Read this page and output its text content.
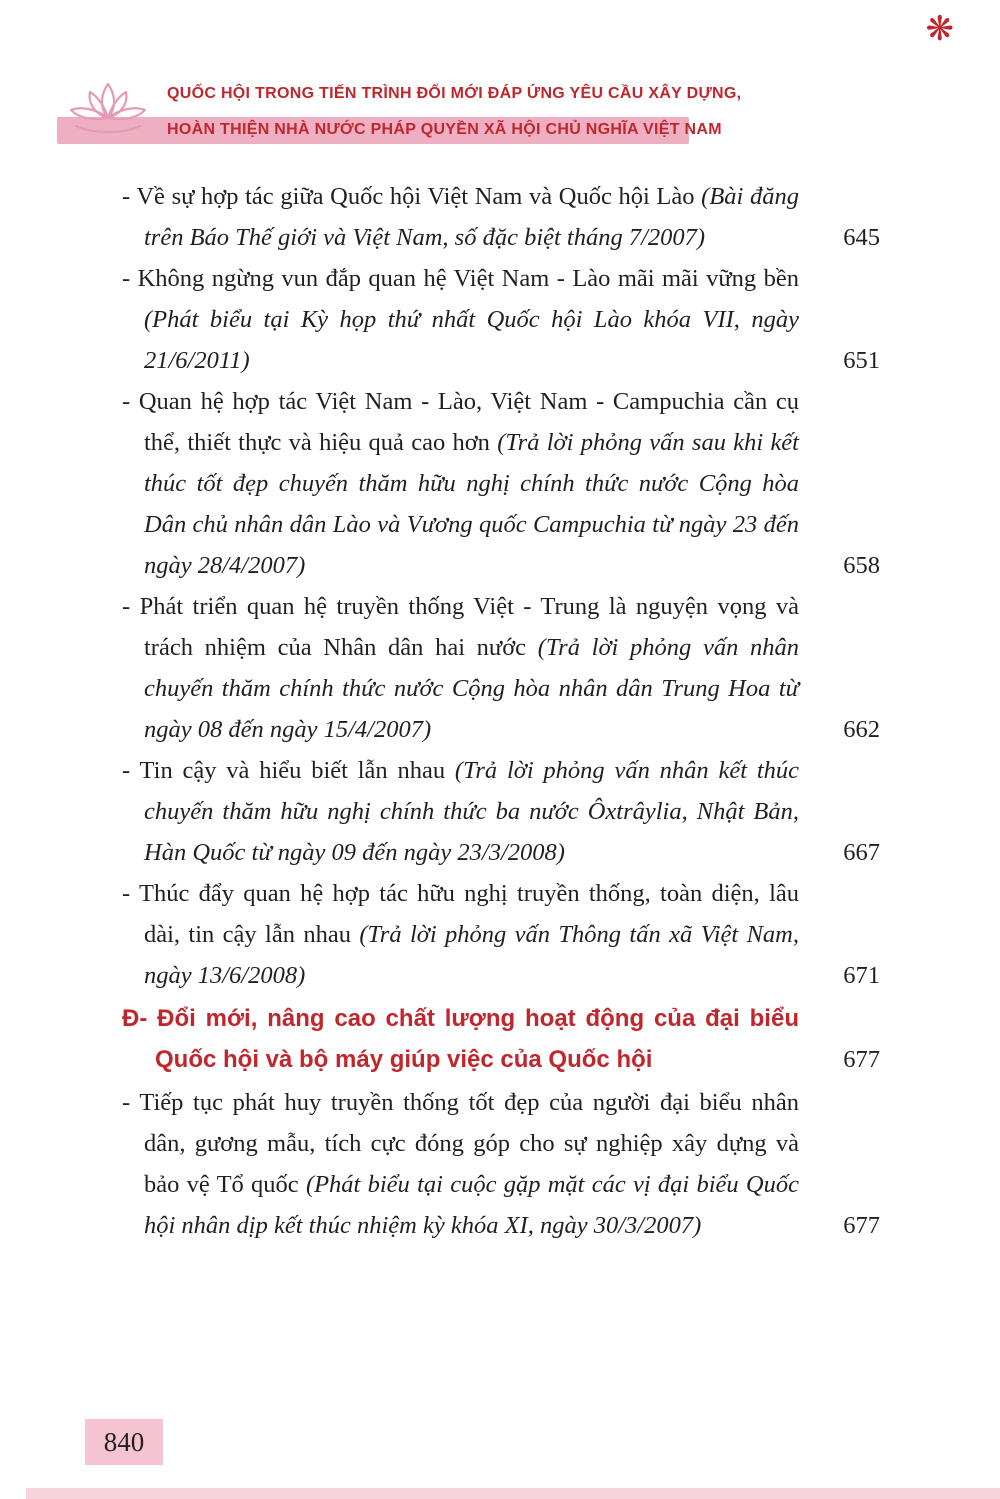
❋
QUỐC HỘI TRONG TIẾN TRÌNH ĐỔI MỚI ĐÁP ỨNG YÊU CẦU XÂY DỰNG,
HOÀN THIỆN NHÀ NƯỚC PHÁP QUYỀN XÃ HỘI CHỦ NGHĨA VIỆT NAM
- Về sự hợp tác giữa Quốc hội Việt Nam và Quốc hội Lào (Bài đăng trên Báo Thế giới và Việt Nam, số đặc biệt tháng 7/2007)	645
- Không ngừng vun đắp quan hệ Việt Nam - Lào mãi mãi vững bền (Phát biểu tại Kỳ họp thứ nhất Quốc hội Lào khóa VII, ngày 21/6/2011)	651
- Quan hệ hợp tác Việt Nam - Lào, Việt Nam - Campuchia cần cụ thể, thiết thực và hiệu quả cao hơn (Trả lời phỏng vấn sau khi kết thúc tốt đẹp chuyến thăm hữu nghị chính thức nước Cộng hòa Dân chủ nhân dân Lào và Vương quốc Campuchia từ ngày 23 đến ngày 28/4/2007)	658
- Phát triển quan hệ truyền thống Việt - Trung là nguyện vọng và trách nhiệm của Nhân dân hai nước (Trả lời phỏng vấn nhân chuyến thăm chính thức nước Cộng hòa nhân dân Trung Hoa từ ngày 08 đến ngày 15/4/2007)	662
- Tin cậy và hiểu biết lẫn nhau (Trả lời phỏng vấn nhân kết thúc chuyến thăm hữu nghị chính thức ba nước Ôxtrâylia, Nhật Bản, Hàn Quốc từ ngày 09 đến ngày 23/3/2008)	667
- Thúc đẩy quan hệ hợp tác hữu nghị truyền thống, toàn diện, lâu dài, tin cậy lẫn nhau (Trả lời phỏng vấn Thông tấn xã Việt Nam, ngày 13/6/2008)	671
Đ- Đổi mới, nâng cao chất lượng hoạt động của đại biểu Quốc hội và bộ máy giúp việc của Quốc hội	677
- Tiếp tục phát huy truyền thống tốt đẹp của người đại biểu nhân dân, gương mẫu, tích cực đóng góp cho sự nghiệp xây dựng và bảo vệ Tổ quốc (Phát biểu tại cuộc gặp mặt các vị đại biểu Quốc hội nhân dịp kết thúc nhiệm kỳ khóa XI, ngày 30/3/2007)	677
840
